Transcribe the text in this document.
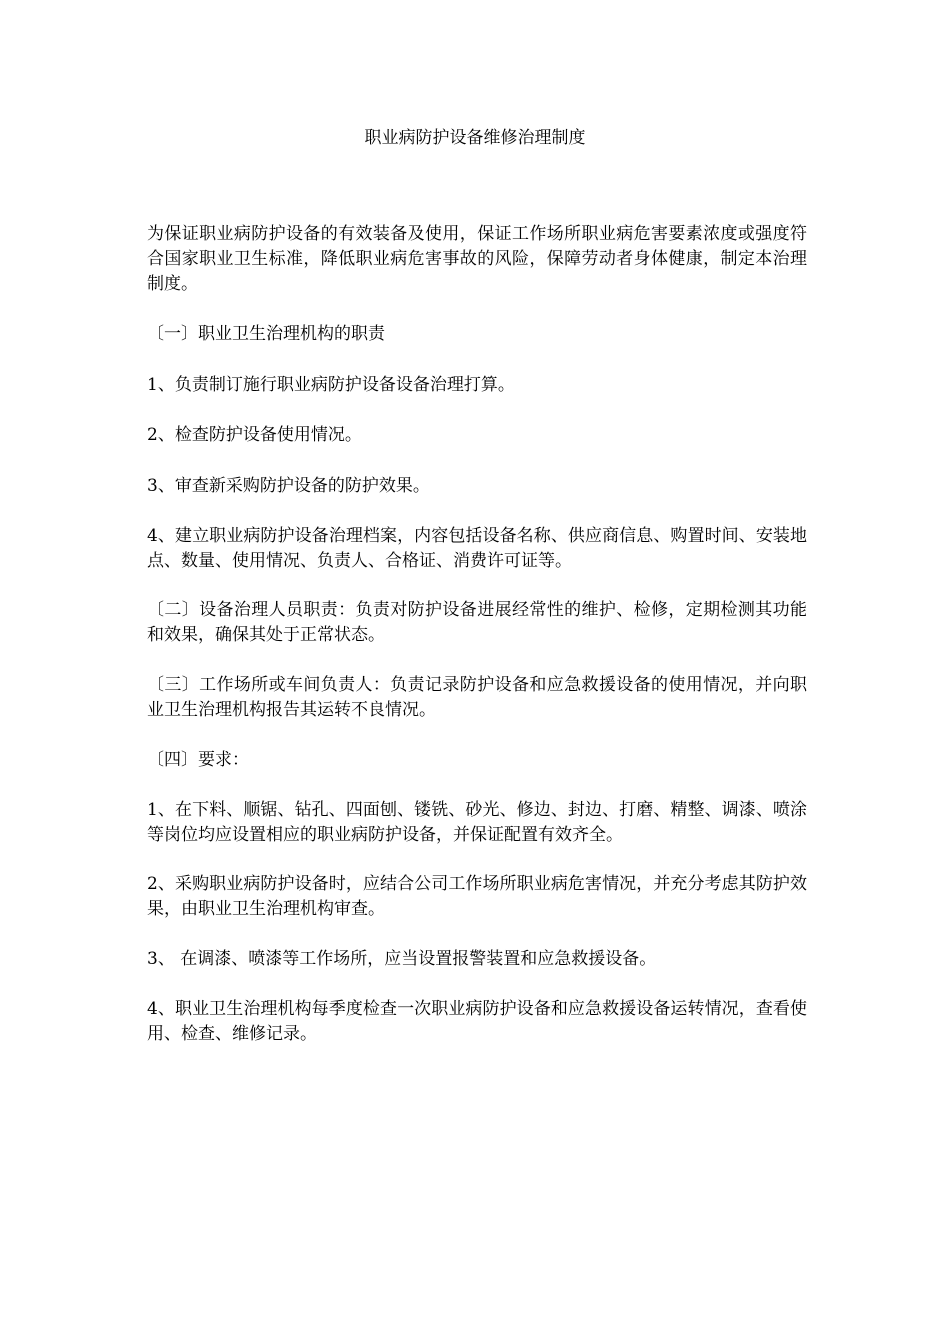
职业病防护设备维修治理制度

为保证职业病防护设备的有效装备及使用，保证工作场所职业病危害要素浓度或强度符合国家职业卫生标准，降低职业病危害事故的风险，保障劳动者身体健康，制定本治理制度。

〔一〕职业卫生治理机构的职责

1、负责制订施行职业病防护设备设备治理打算。

2、检查防护设备使用情况。

3、审查新采购防护设备的防护效果。

4、建立职业病防护设备治理档案，内容包括设备名称、供应商信息、购置时间、安装地点、数量、使用情况、负责人、合格证、消费许可证等。

〔二〕设备治理人员职责：负责对防护设备进展经常性的维护、检修，定期检测其功能和效果，确保其处于正常状态。

〔三〕工作场所或车间负责人：负责记录防护设备和应急救援设备的使用情况，并向职业卫生治理机构报告其运转不良情况。

〔四〕要求：

1、在下料、顺锯、钻孔、四面刨、镂铣、砂光、修边、封边、打磨、精整、调漆、喷涂等岗位均应设置相应的职业病防护设备，并保证配置有效齐全。

2、采购职业病防护设备时，应结合公司工作场所职业病危害情况，并充分考虑其防护效果，由职业卫生治理机构审查。

3、 在调漆、喷漆等工作场所，应当设置报警装置和应急救援设备。

4、职业卫生治理机构每季度检查一次职业病防护设备和应急救援设备运转情况，查看使用、检查、维修记录。
